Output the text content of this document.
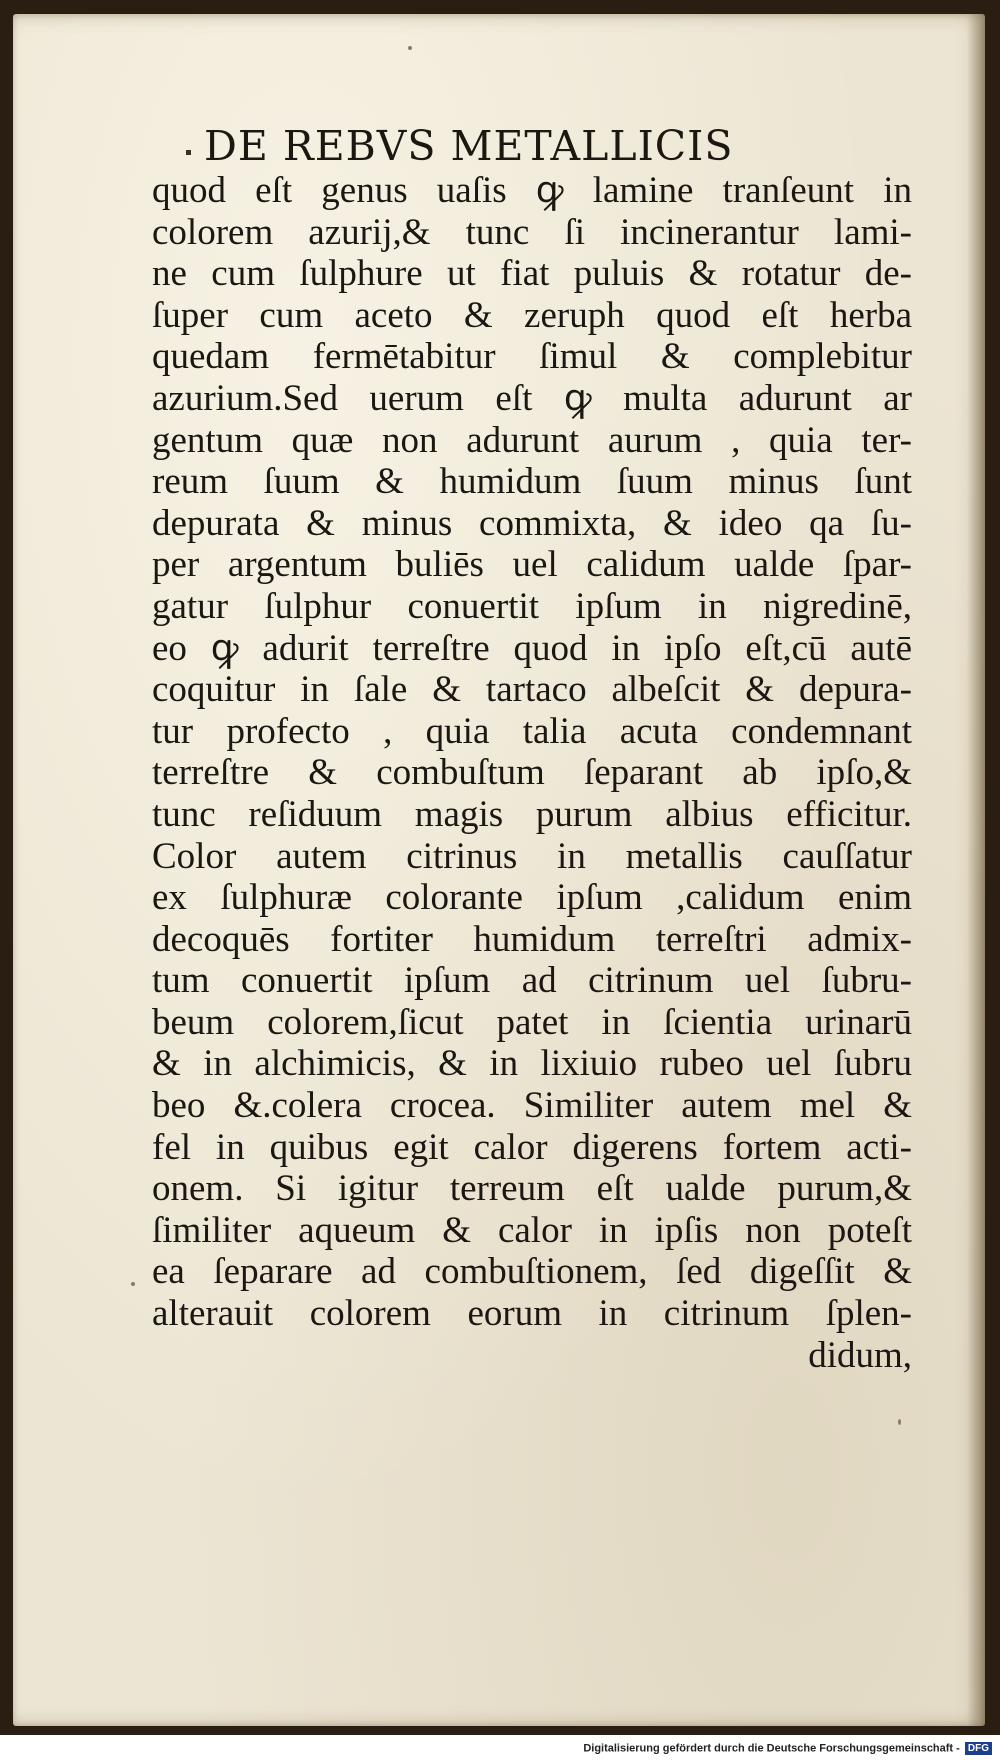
DE REBVS METALLICIS
quod eſt genus uaſis ꝙ lamine tranſeunt in
colorem azurij,& tunc ſi incinerantur lami-
ne cum ſulphure ut fiat puluis & rotatur de-
ſuper cum aceto & zeruph quod eſt herba
quedam fermētabitur ſimul & complebitur
azurium.Sed uerum eſt ꝙ multa adurunt ar
gentum quæ non adurunt aurum , quia ter-
reum ſuum & humidum ſuum minus ſunt
depurata & minus commixta, & ideo qa ſu-
per argentum buliēs uel calidum ualde ſpar-
gatur ſulphur conuertit ipſum in nigredinē,
eo ꝙ adurit terreſtre quod in ipſo eſt,cū autē
coquitur in ſale & tartaco albeſcit & depura-
tur profecto , quia talia acuta condemnant
terreſtre & combuſtum ſeparant ab ipſo,&
tunc reſiduum magis purum albius efficitur.
Color autem citrinus in metallis cauſſatur
ex ſulphuræ colorante ipſum ,calidum enim
decoquēs fortiter humidum terreſtri admix-
tum conuertit ipſum ad citrinum uel ſubru-
beum colorem,ſicut patet in ſcientia urinarū
& in alchimicis, & in lixiuio rubeo uel ſubru
beo &.colera crocea. Similiter autem mel &
fel in quibus egit calor digerens fortem acti-
onem. Si igitur terreum eſt ualde purum,&
ſimiliter aqueum & calor in ipſis non poteſt
ea ſeparare ad combuſtionem, ſed digeſſit &
alterauit colorem eorum in citrinum ſplen-
didum,
Digitalisierung gefördert durch die Deutsche Forschungsgemeinschaft - DFG
